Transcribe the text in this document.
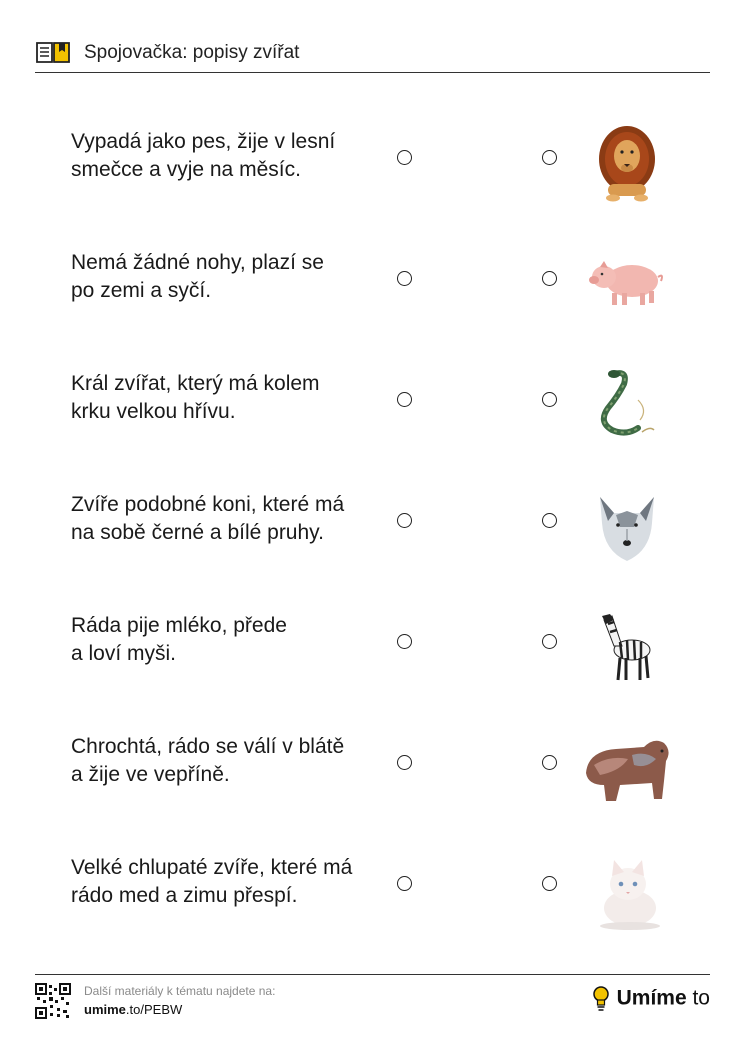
Spojovačka: popisy zvířat
Vypadá jako pes, žije v lesní
smečce a vyje na měsíc.
Nemá žádné nohy, plazí se
po zemi a syčí.
Král zvířat, který má kolem
krku velkou hřívu.
Zvíře podobné koni, které má
na sobě černé a bílé pruhy.
Ráda pije mléko, přede
a loví myši.
Chrochtá, rádo se válí v blátě
a žije ve vepříně.
Velké chlupaté zvíře, které má
rádo med a zimu přespí.
Další materiály k tématu najdete na:
umime.to/PEBW	Umíme to
